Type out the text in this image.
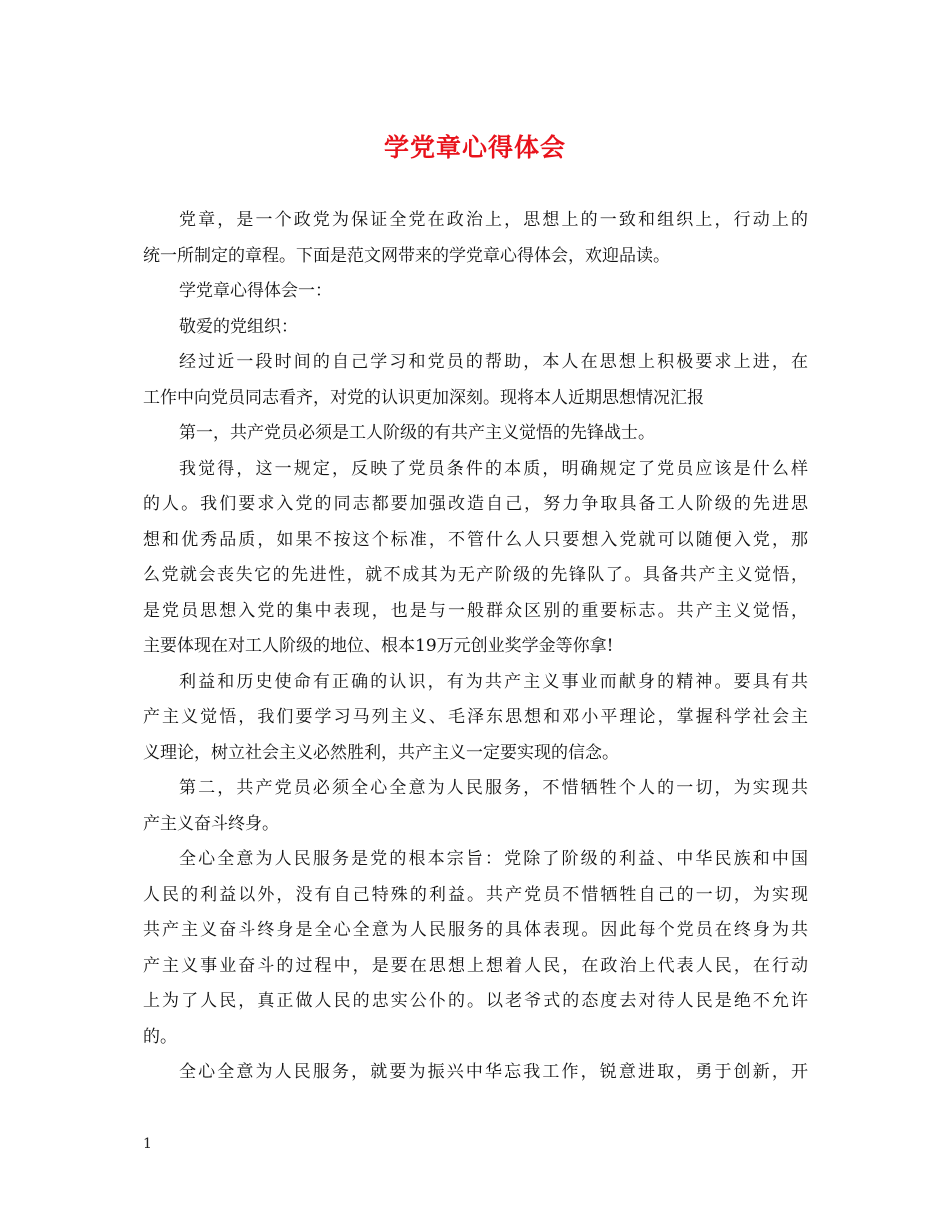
学党章心得体会
党章，是一个政党为保证全党在政治上，思想上的一致和组织上，行动上的
统一所制定的章程。下面是范文网带来的学党章心得体会，欢迎品读。
学党章心得体会一：
敬爱的党组织：
经过近一段时间的自己学习和党员的帮助，本人在思想上积极要求上进，在
工作中向党员同志看齐，对党的认识更加深刻。现将本人近期思想情况汇报
第一，共产党员必须是工人阶级的有共产主义觉悟的先锋战士。
我觉得，这一规定，反映了党员条件的本质，明确规定了党员应该是什么样
的人。我们要求入党的同志都要加强改造自己，努力争取具备工人阶级的先进思
想和优秀品质，如果不按这个标准，不管什么人只要想入党就可以随便入党，那
么党就会丧失它的先进性，就不成其为无产阶级的先锋队了。具备共产主义觉悟，
是党员思想入党的集中表现，也是与一般群众区别的重要标志。共产主义觉悟，
主要体现在对工人阶级的地位、根本19万元创业奖学金等你拿!
利益和历史使命有正确的认识，有为共产主义事业而献身的精神。要具有共
产主义觉悟，我们要学习马列主义、毛泽东思想和邓小平理论，掌握科学社会主
义理论，树立社会主义必然胜利，共产主义一定要实现的信念。
第二，共产党员必须全心全意为人民服务，不惜牺牲个人的一切，为实现共
产主义奋斗终身。
全心全意为人民服务是党的根本宗旨：党除了阶级的利益、中华民族和中国
人民的利益以外，没有自己特殊的利益。共产党员不惜牺牲自己的一切，为实现
共产主义奋斗终身是全心全意为人民服务的具体表现。因此每个党员在终身为共
产主义事业奋斗的过程中，是要在思想上想着人民，在政治上代表人民，在行动
上为了人民，真正做人民的忠实公仆的。以老爷式的态度去对待人民是绝不允许
的。
全心全意为人民服务，就要为振兴中华忘我工作，锐意进取，勇于创新，开
1
